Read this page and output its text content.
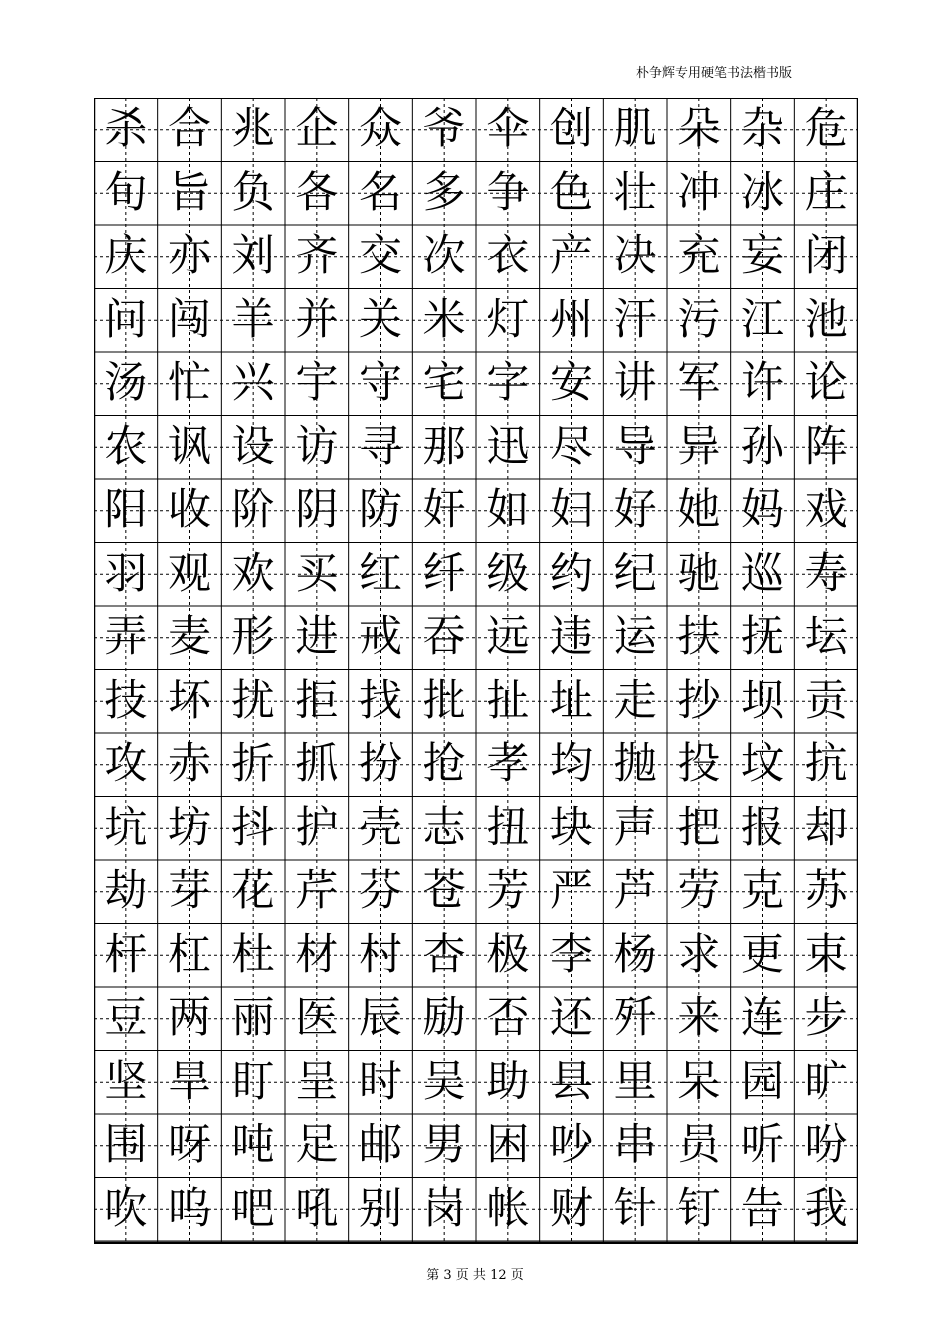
朴争辉专用硬笔书法楷书版
杀 合 兆 企 众 爷 伞 创 肌 朵 杂 危
旬 旨 负 各 名 多 争 色 壮 冲 冰 庄
庆 亦 刘 齐 交 次 衣 产 决 充 妄 闭
问 闯 羊 并 关 米 灯 州 汗 污 江 池
汤 忙 兴 宇 守 宅 字 安 讲 军 许 论
农 讽 设 访 寻 那 迅 尽 导 异 孙 阵
阳 收 阶 阴 防 奸 如 妇 好 她 妈 戏
羽 观 欢 买 红 纤 级 约 纪 驰 巡 寿
弄 麦 形 进 戒 吞 远 违 运 扶 抚 坛
技 坏 扰 拒 找 批 扯 址 走 抄 坝 贡
攻 赤 折 抓 扮 抢 孝 均 抛 投 坟 抗
坑 坊 抖 护 壳 志 扭 块 声 把 报 却
劫 芽 花 芹 芬 苍 芳 严 芦 劳 克 苏
杆 杠 杜 材 村 杏 极 李 杨 求 更 束
豆 两 丽 医 辰 励 否 还 歼 来 连 步
坚 旱 盯 呈 时 吴 助 县 里 呆 园 旷
围 呀 吨 足 邮 男 困 吵 串 员 听 吩
吹 呜 吧 吼 别 岗 帐 财 针 钉 告 我
第 3 页 共 12 页
